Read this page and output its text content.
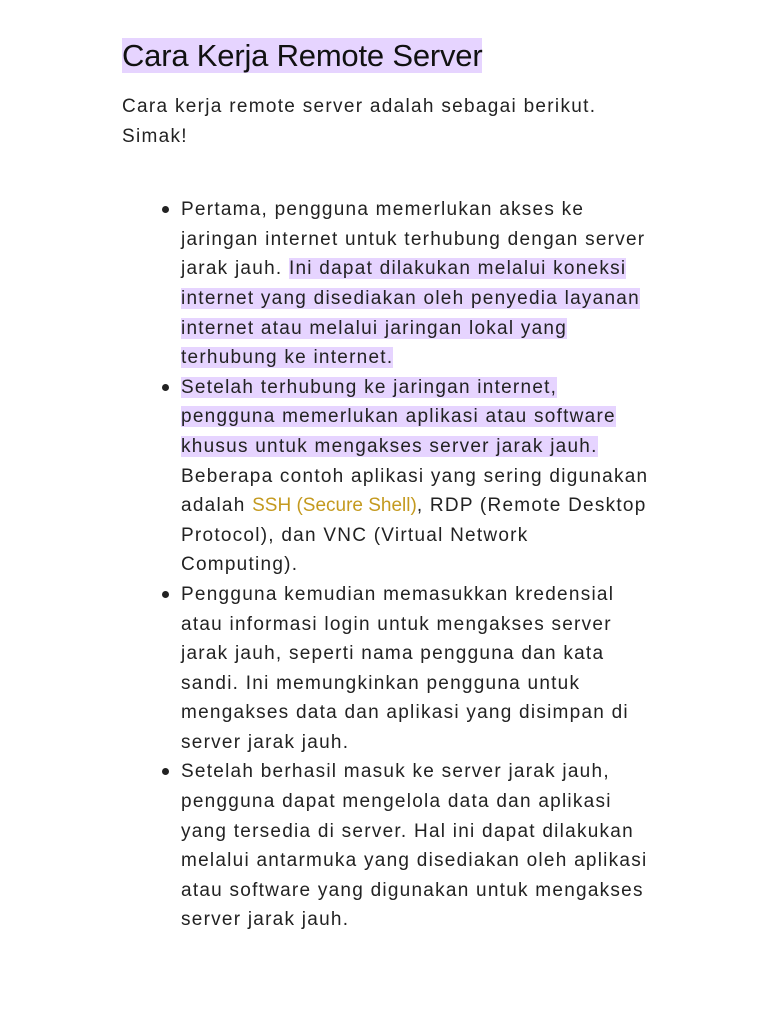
Cara Kerja Remote Server

Cara kerja remote server adalah sebagai berikut. Simak!

Pertama, pengguna memerlukan akses ke jaringan internet untuk terhubung dengan server jarak jauh. Ini dapat dilakukan melalui koneksi internet yang disediakan oleh penyedia layanan internet atau melalui jaringan lokal yang terhubung ke internet.
Setelah terhubung ke jaringan internet, pengguna memerlukan aplikasi atau software khusus untuk mengakses server jarak jauh. Beberapa contoh aplikasi yang sering digunakan adalah SSH (Secure Shell), RDP (Remote Desktop Protocol), dan VNC (Virtual Network Computing).
Pengguna kemudian memasukkan kredensial atau informasi login untuk mengakses server jarak jauh, seperti nama pengguna dan kata sandi. Ini memungkinkan pengguna untuk mengakses data dan aplikasi yang disimpan di server jarak jauh.
Setelah berhasil masuk ke server jarak jauh, pengguna dapat mengelola data dan aplikasi yang tersedia di server. Hal ini dapat dilakukan melalui antarmuka yang disediakan oleh aplikasi atau software yang digunakan untuk mengakses server jarak jauh.
